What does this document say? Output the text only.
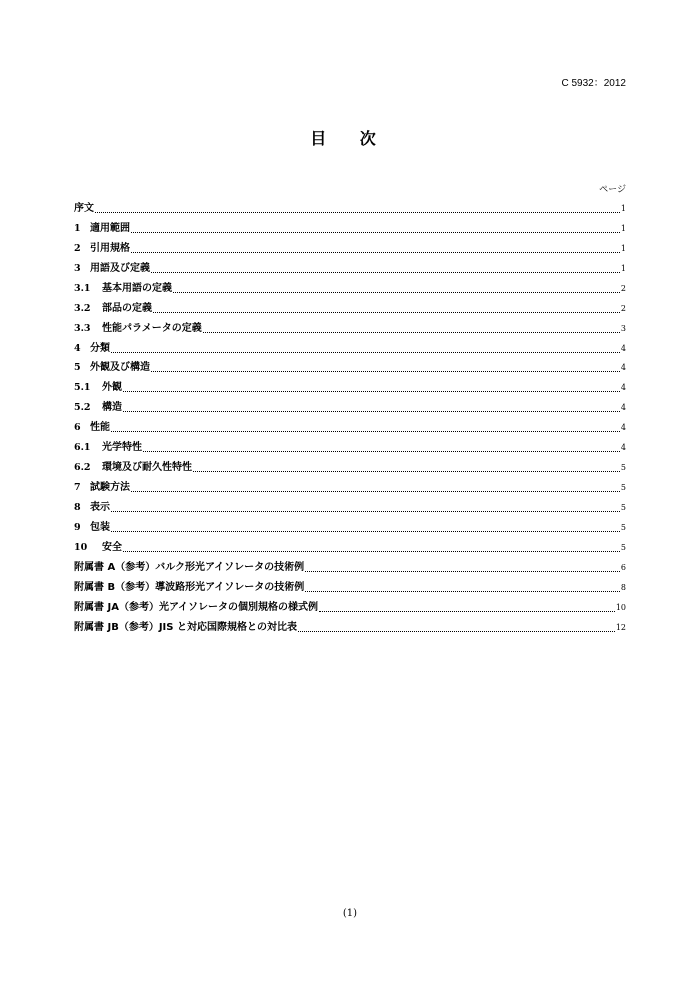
C 5932：2012
目 次
ページ
序文	1
1 適用範囲	1
2 引用規格	1
3 用語及び定義	1
3.1	基本用語の定義	2
3.2	部品の定義	2
3.3	性能パラメータの定義	3
4 分類	4
5 外観及び構造	4
5.1	外観	4
5.2	構造	4
6 性能	4
6.1	光学特性	4
6.2	環境及び耐久性特性	5
7 試験方法	5
8 表示	5
9 包装	5
10	安全	5
附属書 A（参考）バルク形光アイソレータの技術例	6
附属書 B（参考）導波路形光アイソレータの技術例	8
附属書 JA（参考）光アイソレータの個別規格の様式例	10
附属書 JB（参考）JIS と対応国際規格との対比表	12
(1)
